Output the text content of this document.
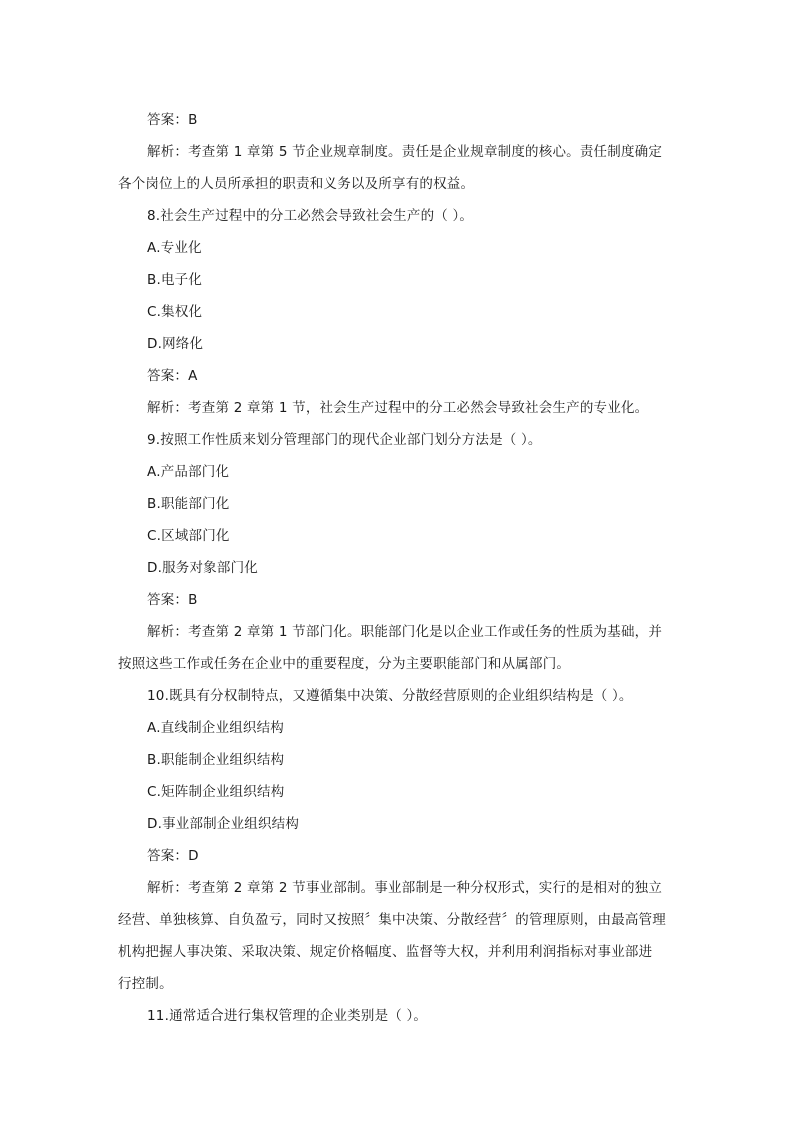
答案：B
解析：考查第 1 章第 5 节企业规章制度。责任是企业规章制度的核心。责任制度确定
各个岗位上的人员所承担的职责和义务以及所享有的权益。
8.社会生产过程中的分工必然会导致社会生产的（ ）。
A.专业化
B.电子化
C.集权化
D.网络化
答案：A
解析：考查第 2 章第 1 节，社会生产过程中的分工必然会导致社会生产的专业化。
9.按照工作性质来划分管理部门的现代企业部门划分方法是（ ）。
A.产品部门化
B.职能部门化
C.区域部门化
D.服务对象部门化
答案：B
解析：考查第 2 章第 1 节部门化。职能部门化是以企业工作或任务的性质为基础，并
按照这些工作或任务在企业中的重要程度，分为主要职能部门和从属部门。
10.既具有分权制特点，又遵循集中决策、分散经营原则的企业组织结构是（ ）。
A.直线制企业组织结构
B.职能制企业组织结构
C.矩阵制企业组织结构
D.事业部制企业组织结构
答案：D
解析：考查第 2 章第 2 节事业部制。事业部制是一种分权形式，实行的是相对的独立
经营、单独核算、自负盈亏，同时又按照〞集中决策、分散经营〞的管理原则，由最高管理
机构把握人事决策、采取决策、规定价格幅度、监督等大权，并利用利润指标对事业部进
行控制。
11.通常适合进行集权管理的企业类别是（ ）。
